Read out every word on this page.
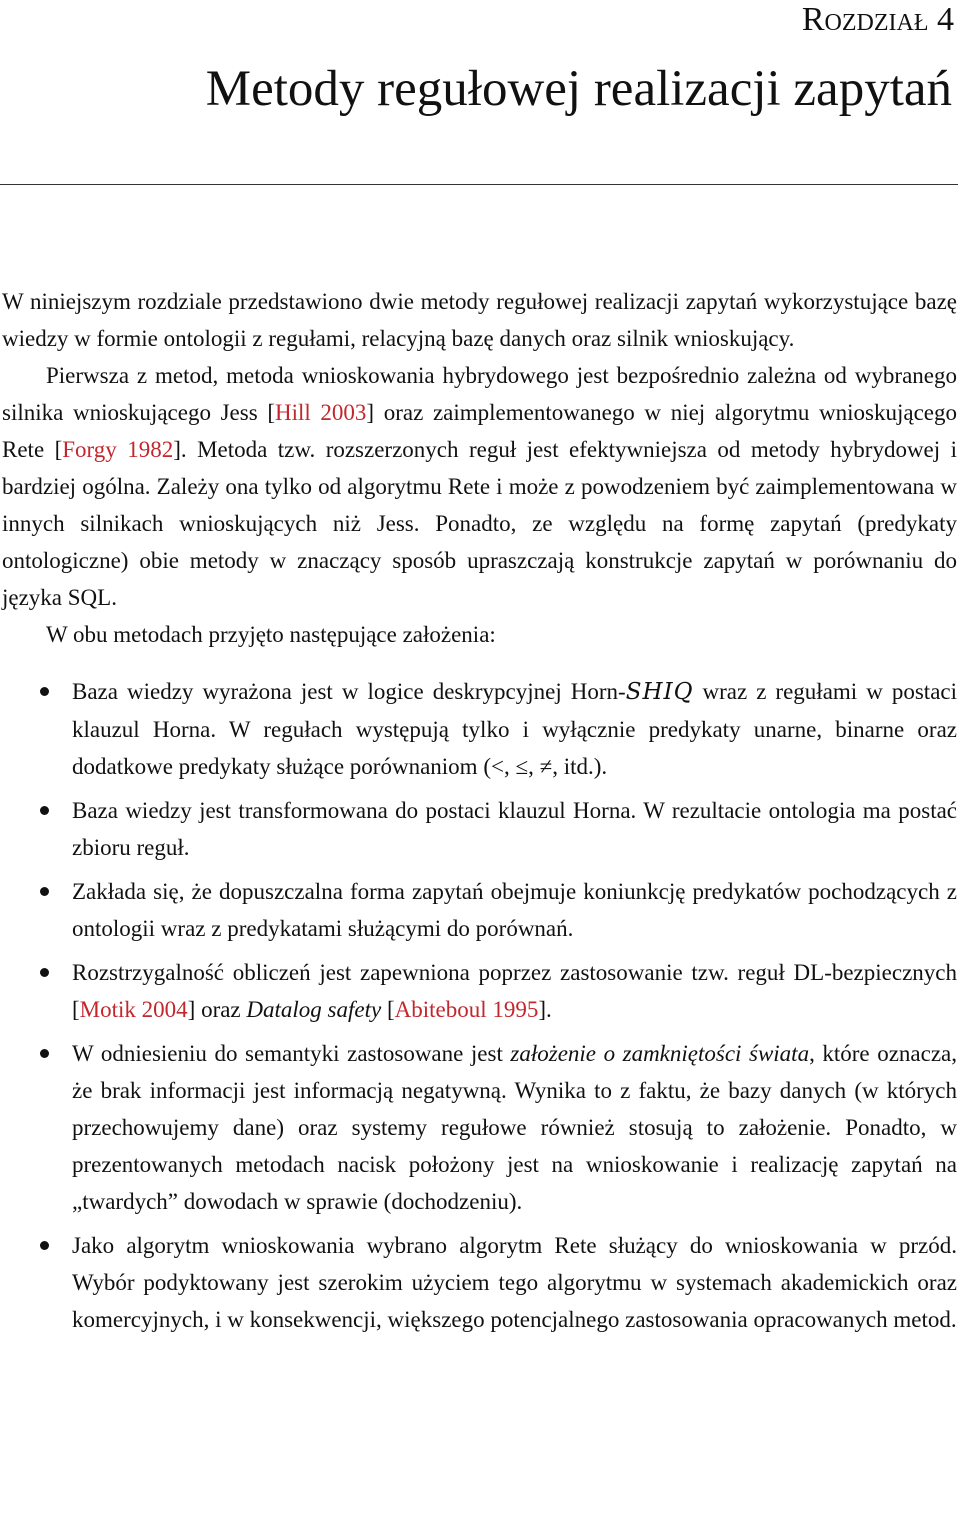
Rozdział 4
Metody regułowej realizacji zapytań

W niniejszym rozdziale przedstawiono dwie metody regułowej realizacji zapytań wykorzystujące bazę wiedzy w formie ontologii z regułami, relacyjną bazę danych oraz silnik wnioskujący.

Pierwsza z metod, metoda wnioskowania hybrydowego jest bezpośrednio zależna od wybranego silnika wnioskującego Jess [Hill 2003] oraz zaimplementowanego w niej algorytmu wnioskującego Rete [Forgy 1982]. Metoda tzw. rozszerzonych reguł jest efektywniejsza od metody hybrydowej i bardziej ogólna. Zależy ona tylko od algorytmu Rete i może z powodzeniem być zaimplementowana w innych silnikach wnioskujących niż Jess. Ponadto, ze względu na formę zapytań (predykaty ontologiczne) obie metody w znaczący sposób upraszczają konstrukcje zapytań w porównaniu do języka SQL.

W obu metodach przyjęto następujące założenia:

Baza wiedzy wyrażona jest w logice deskrypcyjnej Horn-SHIQ wraz z regułami w postaci klauzul Horna. W regułach występują tylko i wyłącznie predykaty unarne, binarne oraz dodatkowe predykaty służące porównaniom (<, ≤, ≠, itd.).
Baza wiedzy jest transformowana do postaci klauzul Horna. W rezultacie ontologia ma postać zbioru reguł.
Zakłada się, że dopuszczalna forma zapytań obejmuje koniunkcję predykatów pochodzących z ontologii wraz z predykatami służącymi do porównań.
Rozstrzygalność obliczeń jest zapewniona poprzez zastosowanie tzw. reguł DL-bezpiecznych [Motik 2004] oraz Datalog safety [Abiteboul 1995].
W odniesieniu do semantyki zastosowane jest założenie o zamkniętości świata, które oznacza, że brak informacji jest informacją negatywną. Wynika to z faktu, że bazy danych (w których przechowujemy dane) oraz systemy regułowe również stosują to założenie. Ponadto, w prezentowanych metodach nacisk położony jest na wnioskowanie i realizację zapytań na „twardych” dowodach w sprawie (dochodzeniu).
Jako algorytm wnioskowania wybrano algorytm Rete służący do wnioskowania w przód. Wybór podyktowany jest szerokim użyciem tego algorytmu w systemach akademickich oraz komercyjnych, i w konsekwencji, większego potencjalnego zastosowania opracowanych metod.
